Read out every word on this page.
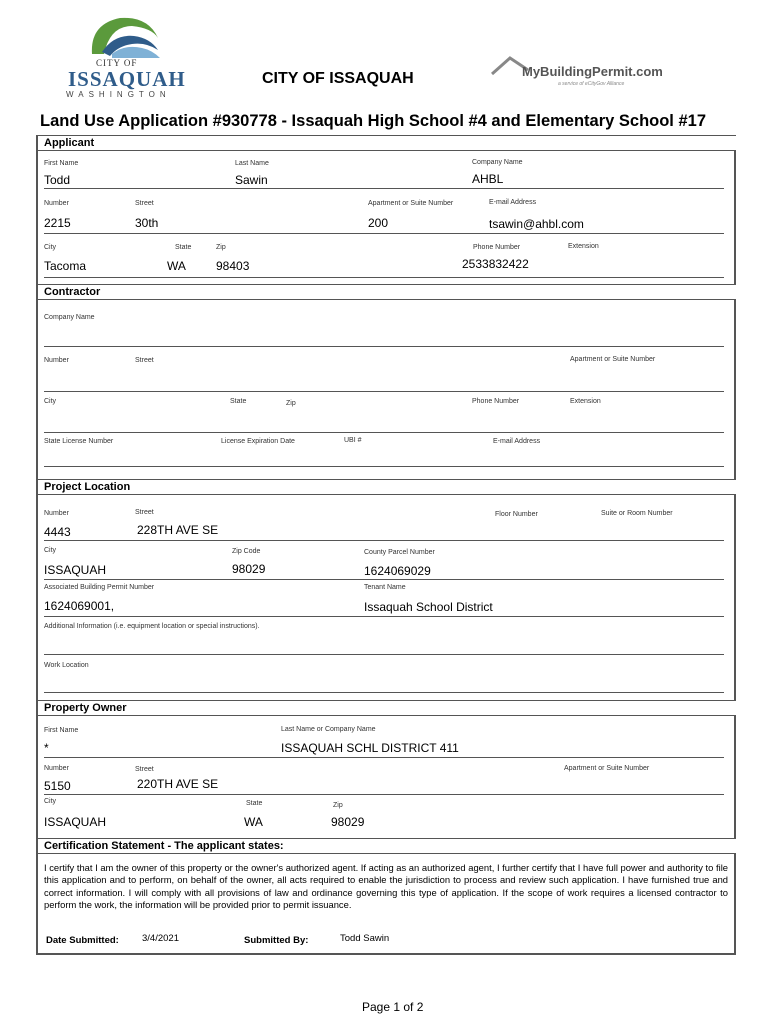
CITY OF
ISSAQUAH
WASHINGTON
CITY OF ISSAQUAH	MyBuildingPermit.com
a service of eCityGov Alliance
Land Use Application #930778 - Issaquah High School #4 and Elementary School #17
Applicant
First Name	Last Name	Company Name
Todd	Sawin	AHBL
Number	Street	Apartment or Suite Number	E-mail Address
2215	30th	200	tsawin@ahbl.com
City	State	Zip	Phone Number	Extension
Tacoma	WA	98403	2533832422
Contractor
Company Name
Number	Street	Apartment or Suite Number
City	State	Zip	Phone Number	Extension
State License Number	License Expiration Date	UBI #	E-mail Address
Project Location
Number	Street	Floor Number	Suite or Room Number
4443	228TH AVE SE
City	Zip Code	County Parcel Number
ISSAQUAH	98029	1624069029
Associated Building Permit Number	Tenant Name
1624069001,	Issaquah School District
Additional Information (i.e. equipment location or special instructions).
Work Location
Property Owner
First Name	Last Name or Company Name
*	ISSAQUAH SCHL DISTRICT 411
Number	Street	Apartment or Suite Number
5150	220TH AVE SE
City	State	Zip
ISSAQUAH	WA	98029
Certification Statement - The applicant states:
I certify that I am the owner of this property or the owner's authorized agent. If acting as an authorized agent, I further certify that I have full power and authority to file this application and to perform, on behalf of the owner, all acts required to enable the jurisdiction to process and review such application. I have furnished true and correct information. I will comply with all provisions of law and ordinance governing this type of application. If the scope of work requires a licensed contractor to perform the work, the information will be provided prior to permit issuance.
Date Submitted: 3/4/2021	Submitted By:	Todd Sawin
Page 1 of 2
